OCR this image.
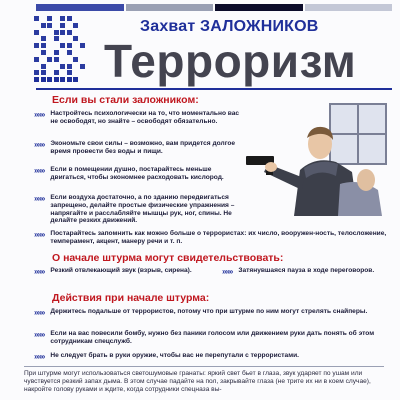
Захват ЗАЛОЖНИКОВ
Терроризм
Если вы стали заложником:
»»» Настройтесь психологически на то, что моментально вас не освободят, но знайте – освободят обязательно.
»»» Экономьте свои силы – возможно, вам придется долгое время провести без воды и пищи.
»»» Если в помещении душно, постарайтесь меньше двигаться, чтобы экономнее расходовать кислород.
»»» Если воздуха достаточно, а по зданию передвигаться запрещено, делайте простые физические упражнения – напрягайте и расслабляйте мышцы рук, ног, спины. Не делайте резких движений.
»»» Постарайтесь запомнить как можно больше о террористах: их число, вооружен-ность, телосложение, темперамент, акцент, манеру речи и т. п.
О начале штурма могут свидетельствовать:
»»» Резкий отвлекающий звук (взрыв, сирена).	»»» Затянувшаяся пауза в ходе переговоров.
Действия при начале штурма:
»»» Держитесь подальше от террористов, потому что при штурме по ним могут стрелять снайперы.
»»» Если на вас повесили бомбу, нужно без паники голосом или движением руки дать понять об этом сотрудникам спецслужб.
»»» Не следует брать в руки оружие, чтобы вас не перепутали с террористами.
При штурме могут использоваться светошумовые гранаты: яркий свет бьет в глаза, звук ударяет по ушам или чувствуется резкий запах дыма. В этом случае падайте на пол, закрывайте глаза (не трите их ни в коем случае), накройте голову руками и ждите, когда сотрудники спецназа вы-
